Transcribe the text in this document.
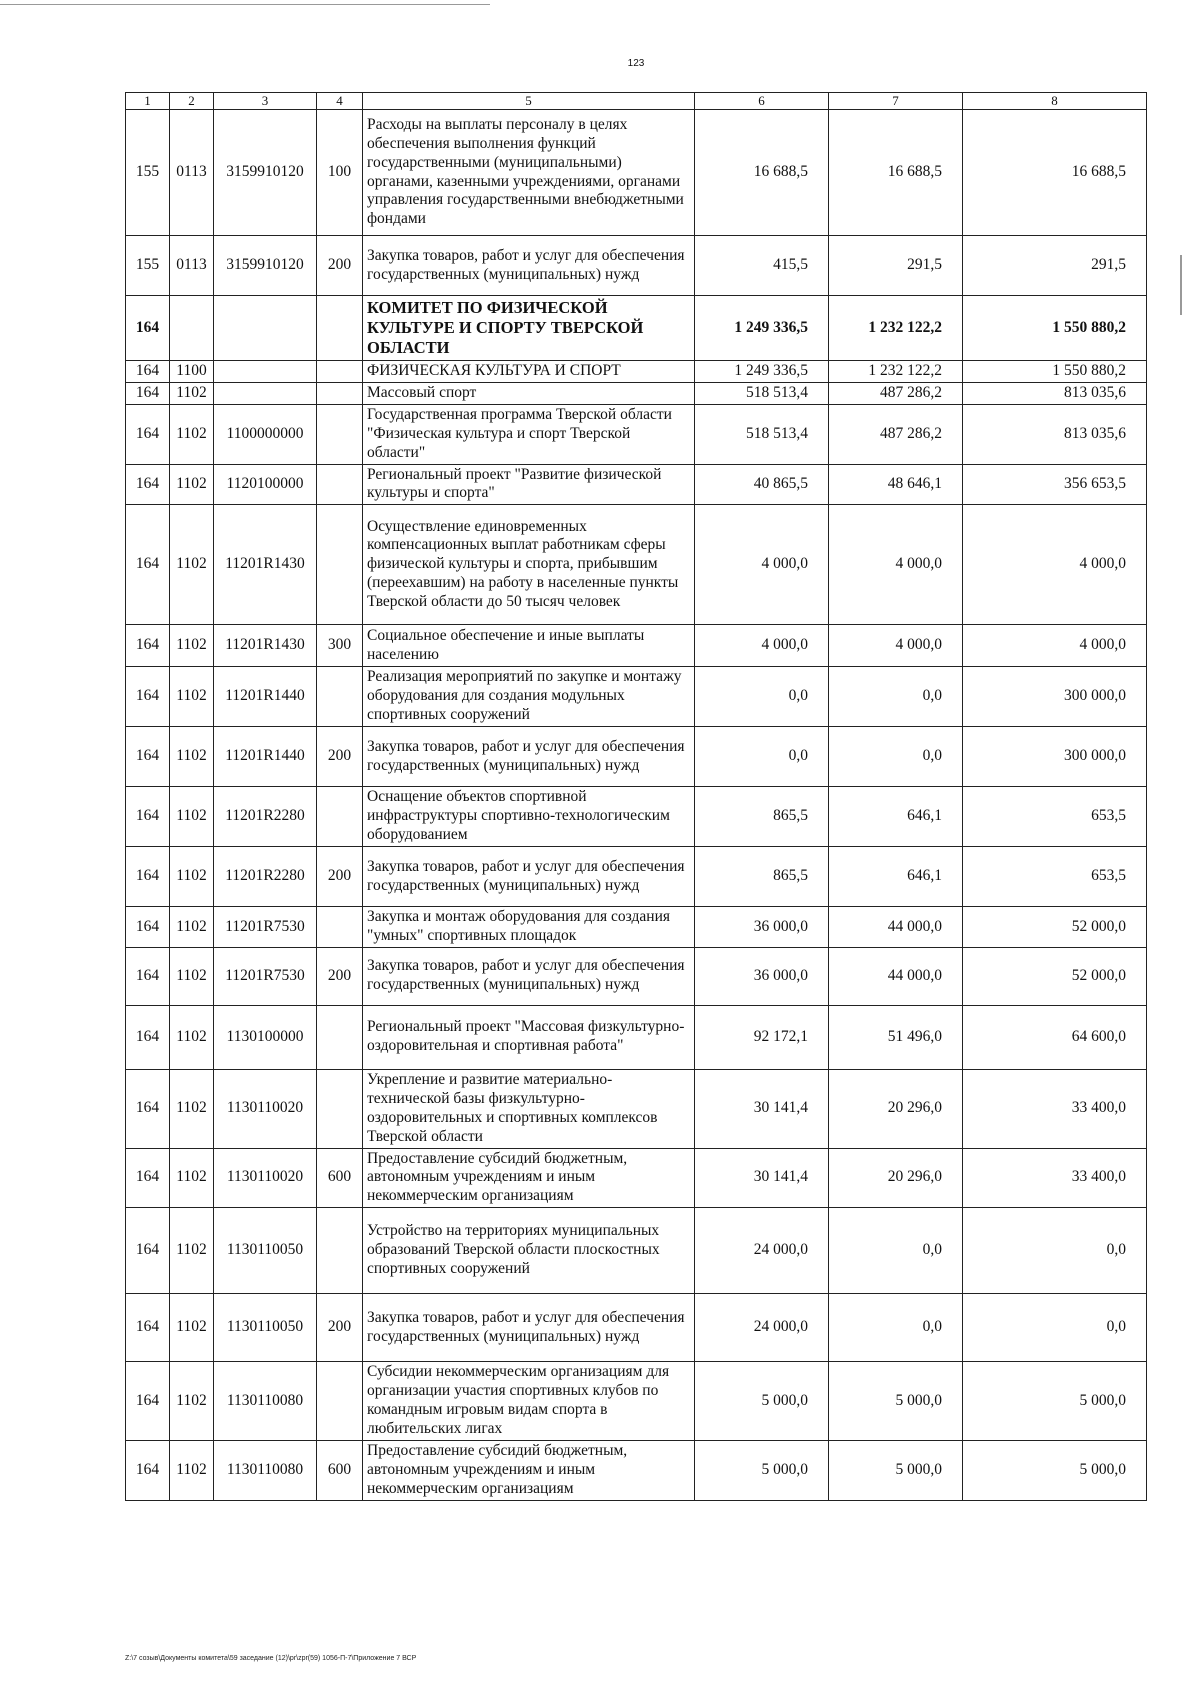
123
1	2	3	4	5	6	7	8
155	0113	3159910120	100	Расходы на выплаты персоналу в целях обеспечения выполнения функций государственными (муниципальными) органами, казенными учреждениями, органами управления государственными внебюджетными фондами	16 688,5	16 688,5	16 688,5
155	0113	3159910120	200	Закупка товаров, работ и услуг для обеспечения государственных (муниципальных) нужд	415,5	291,5	291,5
164				КОМИТЕТ ПО ФИЗИЧЕСКОЙ КУЛЬТУРЕ И СПОРТУ ТВЕРСКОЙ ОБЛАСТИ	1 249 336,5	1 232 122,2	1 550 880,2
164	1100			ФИЗИЧЕСКАЯ КУЛЬТУРА И СПОРТ	1 249 336,5	1 232 122,2	1 550 880,2
164	1102			Массовый спорт	518 513,4	487 286,2	813 035,6
164	1102	1100000000		Государственная программа Тверской области "Физическая культура и спорт Тверской области"	518 513,4	487 286,2	813 035,6
164	1102	1120100000		Региональный проект "Развитие физической культуры и спорта"	40 865,5	48 646,1	356 653,5
164	1102	11201R1430		Осуществление единовременных компенсационных выплат работникам сферы физической культуры и спорта, прибывшим (переехавшим) на работу в населенные пункты Тверской области до 50 тысяч человек	4 000,0	4 000,0	4 000,0
164	1102	11201R1430	300	Социальное обеспечение и иные выплаты населению	4 000,0	4 000,0	4 000,0
164	1102	11201R1440		Реализация мероприятий по закупке и монтажу оборудования для создания модульных спортивных сооружений	0,0	0,0	300 000,0
164	1102	11201R1440	200	Закупка товаров, работ и услуг для обеспечения государственных (муниципальных) нужд	0,0	0,0	300 000,0
164	1102	11201R2280		Оснащение объектов спортивной инфраструктуры спортивно-технологическим оборудованием	865,5	646,1	653,5
164	1102	11201R2280	200	Закупка товаров, работ и услуг для обеспечения государственных (муниципальных) нужд	865,5	646,1	653,5
164	1102	11201R7530		Закупка и монтаж оборудования для создания "умных" спортивных площадок	36 000,0	44 000,0	52 000,0
164	1102	11201R7530	200	Закупка товаров, работ и услуг для обеспечения государственных (муниципальных) нужд	36 000,0	44 000,0	52 000,0
164	1102	1130100000		Региональный проект "Массовая физкультурно-оздоровительная и спортивная работа"	92 172,1	51 496,0	64 600,0
164	1102	1130110020		Укрепление и развитие материально-технической базы физкультурно-оздоровительных и спортивных комплексов Тверской области	30 141,4	20 296,0	33 400,0
164	1102	1130110020	600	Предоставление субсидий бюджетным, автономным учреждениям и иным некоммерческим организациям	30 141,4	20 296,0	33 400,0
164	1102	1130110050		Устройство на территориях муниципальных образований Тверской области плоскостных спортивных сооружений	24 000,0	0,0	0,0
164	1102	1130110050	200	Закупка товаров, работ и услуг для обеспечения государственных (муниципальных) нужд	24 000,0	0,0	0,0
164	1102	1130110080		Субсидии некоммерческим организациям для организации участия спортивных клубов по командным игровым видам спорта в любительских лигах	5 000,0	5 000,0	5 000,0
164	1102	1130110080	600	Предоставление субсидий бюджетным, автономным учреждениям и иным некоммерческим организациям	5 000,0	5 000,0	5 000,0
Z:\7 созыв\Документы комитета\59 заседание (12)\pr\zpr(59) 1056-П-7\Приложение 7 ВСР
